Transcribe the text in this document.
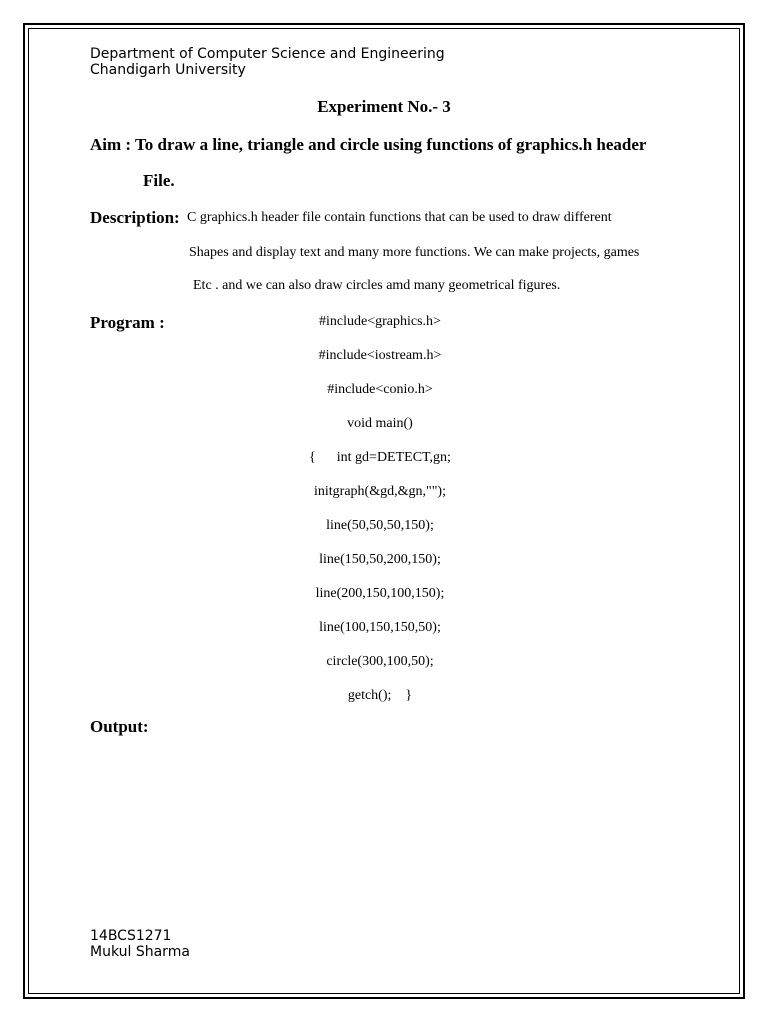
Department of Computer Science and Engineering
Chandigarh University
Experiment No.- 3
Aim : To draw a line, triangle and circle using functions of graphics.h header
File.
Description: C graphics.h header file contain functions that can be used to draw different
Shapes and display text and many more functions. We can make projects, games
Etc . and we can also draw circles amd many geometrical figures.
Program :	#include<graphics.h>
#include<iostream.h>
#include<conio.h>
void main()
{      int gd=DETECT,gn;
initgraph(&gd,&gn,"");
line(50,50,50,150);
line(150,50,200,150);
line(200,150,100,150);
line(100,150,150,50);
circle(300,100,50);
getch();    }
Output:
14BCS1271
Mukul Sharma
